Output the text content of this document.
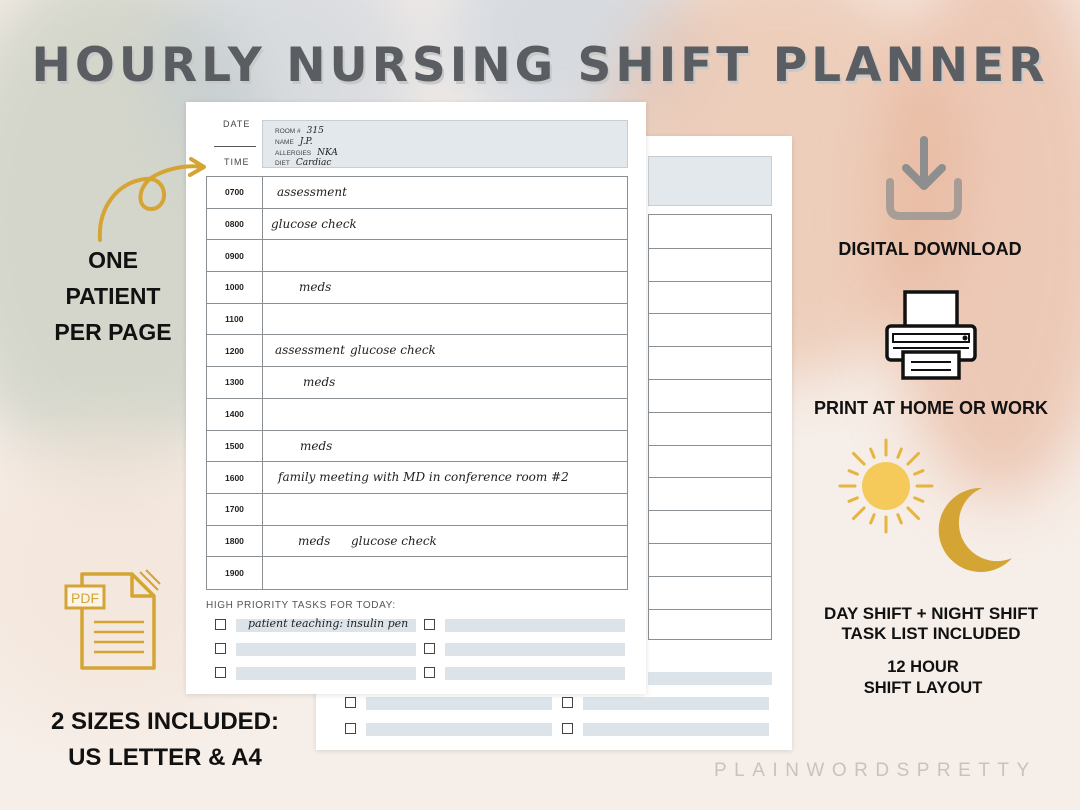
HOURLY NURSING SHIFT PLANNER
DATE
TIME
ROOM # 315
NAME J.P.
ALLERGIES NKA
DIET Cardiac
0700	assessment
0800	glucose check
0900
1000	meds
1100
1200	assessment glucose check
1300	meds
1400
1500	meds
1600	family meeting with MD in conference room #2
1700
1800	meds glucose check
1900
HIGH PRIORITY TASKS FOR TODAY:
patient teaching: insulin pen
ONE
PATIENT
PER PAGE
PDF
2 SIZES INCLUDED:
US LETTER & A4
DIGITAL DOWNLOAD
PRINT AT HOME OR WORK
DAY SHIFT + NIGHT SHIFT
TASK LIST INCLUDED
12 HOUR
SHIFT LAYOUT
PLAINWORDSPRETTY
